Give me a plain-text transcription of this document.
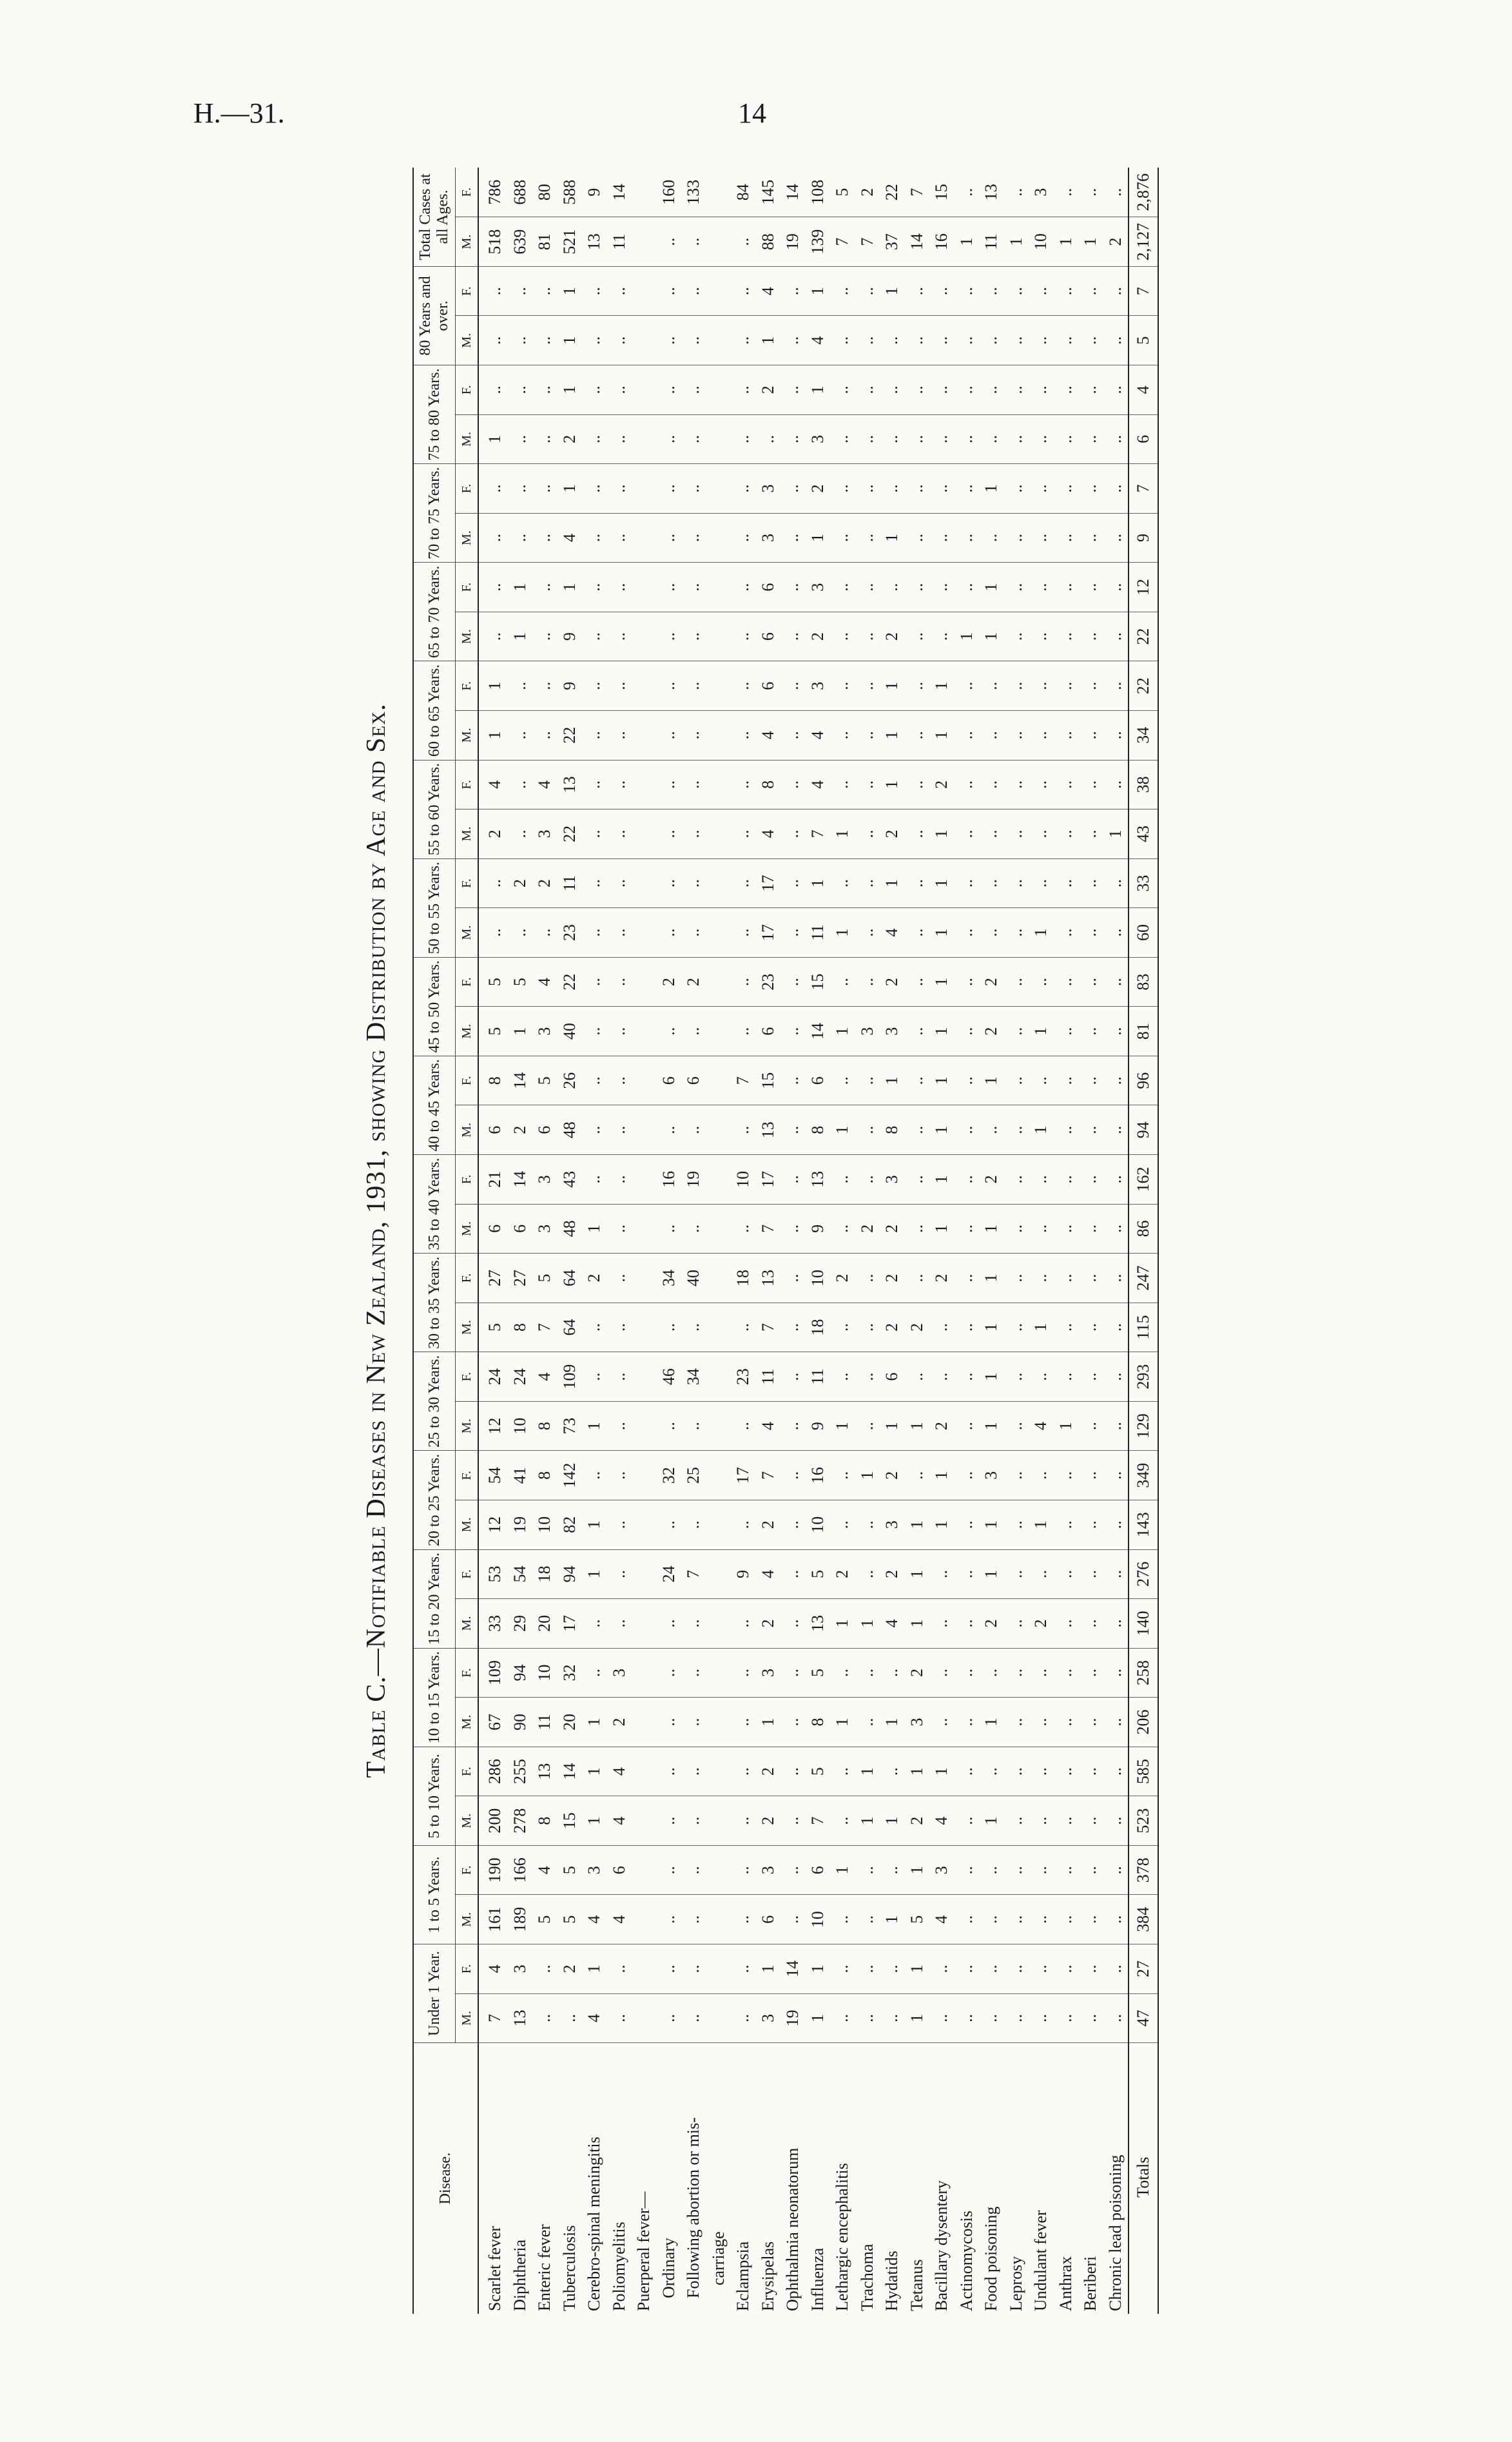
H.—31.	14
Table C.—Notifiable Diseases in New Zealand, 1931, showing Distribution by Age and Sex.
Disease.	Under 1 Year.		1 to 5 Years.		5 to 10 Years.		10 to 15 Years.		15 to 20 Years.		20 to 25 Years.		25 to 30 Years.		30 to 35 Years.		35 to 40 Years.		40 to 45 Years.		45 to 50 Years.		50 to 55 Years.		55 to 60 Years.		60 to 65 Years.		65 to 70 Years.		70 to 75 Years.		75 to 80 Years.		80 Years and over.		Total Cases at all Ages.	
	M.	F.	M.	F.	M.	F.	M.	F.	M.	F.	M.	F.	M.	F.	M.	F.	M.	F.	M.	F.	M.	F.	M.	F.	M.	F.	M.	F.	M.	F.	M.	F.	M.	F.	M.	F.	M.	F.
Scarlet fever	7	4	161	190	200	286	67	109	33	53	12	54	12	24	5	27	6	21	6	8	5	5	..	..	2	4	1	1	..	..	..	..	1	..	..	..	518	786
Diphtheria	13	3	189	166	278	255	90	94	29	54	19	41	10	24	8	27	6	14	2	14	1	5	..	2	..	..	..	..	1	1	..	..	..	..	..	..	639	688
Enteric fever	..	..	5	4	8	13	11	10	20	18	10	8	8	4	7	5	3	3	6	5	3	4	..	2	3	4	..	..	..	..	..	..	..	..	..	..	81	80
Tuberculosis	..	2	5	5	15	14	20	32	17	94	82	142	73	109	64	64	48	43	48	26	40	22	23	11	22	13	22	9	9	1	4	1	2	1	1	1	521	588
Cerebro-spinal meningitis	4	1	4	3	1	1	1	..	..	1	1	..	1	..	..	2	1	..	..	..	..	..	..	..	..	..	..	..	..	..	..	..	..	..	..	..	13	9
Poliomyelitis	..	..	4	6	4	4	2	3	..	..	..	..	..	..	..	..	..	..	..	..	..	..	..	..	..	..	..	..	..	..	..	..	..	..	..	..	11	14
Puerperal fever—																																						
Ordinary	..	..	..	..	..	..	..	..	..	24	..	32	..	46	..	34	..	16	..	6	..	2	..	..	..	..	..	..	..	..	..	..	..	..	..	..	..	160
Following abortion or mis-	..	..	..	..	..	..	..	..	..	7	..	25	..	34	..	40	..	19	..	6	..	2	..	..	..	..	..	..	..	..	..	..	..	..	..	..	..	133
carriage																																						
Eclampsia	..	..	..	..	..	..	..	..	..	9	..	17	..	23	..	18	..	10	..	7	..	..	..	..	..	..	..	..	..	..	..	..	..	..	..	..	..	84
Erysipelas	3	1	6	3	2	2	1	3	2	4	2	7	4	11	7	13	7	17	13	15	6	23	17	17	4	8	4	6	6	6	3	3	..	2	1	4	88	145
Ophthalmia neonatorum	19	14	..	..	..	..	..	..	..	..	..	..	..	..	..	..	..	..	..	..	..	..	..	..	..	..	..	..	..	..	..	..	..	..	..	..	19	14
Influenza	1	1	10	6	7	5	8	5	13	5	10	16	9	11	18	10	9	13	8	6	14	15	11	1	7	4	4	3	2	3	1	2	3	1	4	1	139	108
Lethargic encephalitis	..	..	..	1	..	..	1	..	1	2	..	..	1	..	..	2	..	..	1	..	1	..	1	..	1	..	..	..	..	..	..	..	..	..	..	..	7	5
Trachoma	..	..	..	..	1	1	..	..	1	..	..	1	..	..	..	..	2	..	..	..	3	..	..	..	..	..	..	..	..	..	..	..	..	..	..	..	7	2
Hydatids	..	..	1	..	1	..	1	..	4	2	3	2	1	6	2	2	2	3	8	1	3	2	4	1	2	1	1	1	2	..	1	..	..	..	..	1	37	22
Tetanus	1	1	5	1	2	1	3	2	1	1	1	..	1	..	2	..	..	..	..	..	..	..	..	..	..	..	..	..	..	..	..	..	..	..	..	..	14	7
Bacillary dysentery	..	..	4	3	4	1	..	..	..	..	1	1	2	..	..	2	1	1	1	1	1	1	1	1	1	2	1	1	..	..	..	..	..	..	..	..	16	15
Actinomycosis	..	..	..	..	..	..	..	..	..	..	..	..	..	..	..	..	..	..	..	..	..	..	..	..	..	..	..	..	1	..	..	..	..	..	..	..	1	..
Food poisoning	..	..	..	..	1	..	1	..	2	1	1	3	1	1	1	1	1	2	..	1	2	2	..	..	..	..	..	..	1	1	..	1	..	..	..	..	11	13
Leprosy	..	..	..	..	..	..	..	..	..	..	..	..	..	..	..	..	..	..	..	..	..	..	..	..	..	..	..	..	..	..	..	..	..	..	..	..	1	..
Undulant fever	..	..	..	..	..	..	..	..	2	..	1	..	4	..	1	..	..	..	1	..	1	..	1	..	..	..	..	..	..	..	..	..	..	..	..	..	10	3
Anthrax	..	..	..	..	..	..	..	..	..	..	..	..	1	..	..	..	..	..	..	..	..	..	..	..	..	..	..	..	..	..	..	..	..	..	..	..	1	..
Beriberi	..	..	..	..	..	..	..	..	..	..	..	..	..	..	..	..	..	..	..	..	..	..	..	..	..	..	..	..	..	..	..	..	..	..	..	..	1	..
Chronic lead poisoning	..	..	..	..	..	..	..	..	..	..	..	..	..	..	..	..	..	..	..	..	..	..	..	..	1	..	..	..	..	..	..	..	..	..	..	..	2	..
Totals	47	27	384	378	523	585	206	258	140	276	143	349	129	293	115	247	86	162	94	96	81	83	60	33	43	38	34	22	22	12	9	7	6	4	5	7	2,127	2,876
